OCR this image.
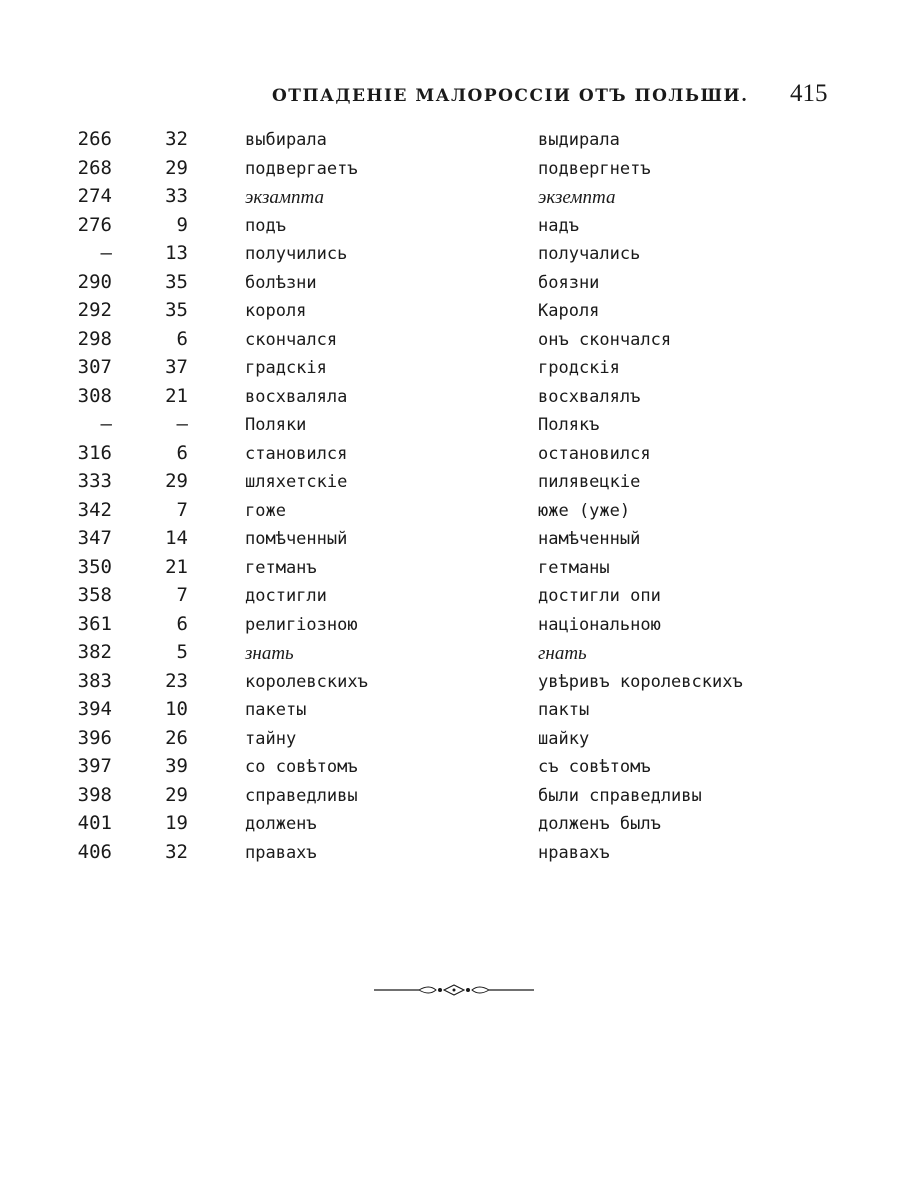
ОТПАДЕНІЕ МАЛОРОССІИ ОТЪ ПОЛЬШИ. 415
266	32	выбирала	выдирала
268	29	подвергаетъ	подвергнетъ
274	33	экзампта	экземпта
276	9	подъ	надъ
—	13	получились	получались
290	35	болѣзни	боязни
292	35	короля	Кароля
298	6	скончался	онъ скончался
307	37	градскія	гродскія
308	21	восхваляла	восхвалялъ
—	—	Поляки	Полякъ
316	6	становился	остановился
333	29	шляхетскіе	пилявецкіе
342	7	гоже	юже (уже)
347	14	помѣченный	намѣченный
350	21	гетманъ	гетманы
358	7	достигли	достигли опи
361	6	религіозною	національною
382	5	знать	гнать
383	23	королевскихъ	увѣривъ королевскихъ
394	10	пакеты	пакты
396	26	тайну	шайку
397	39	со совѣтомъ	съ совѣтомъ
398	29	справедливы	были справедливы
401	19	долженъ	долженъ былъ
406	32	правахъ	нравахъ
